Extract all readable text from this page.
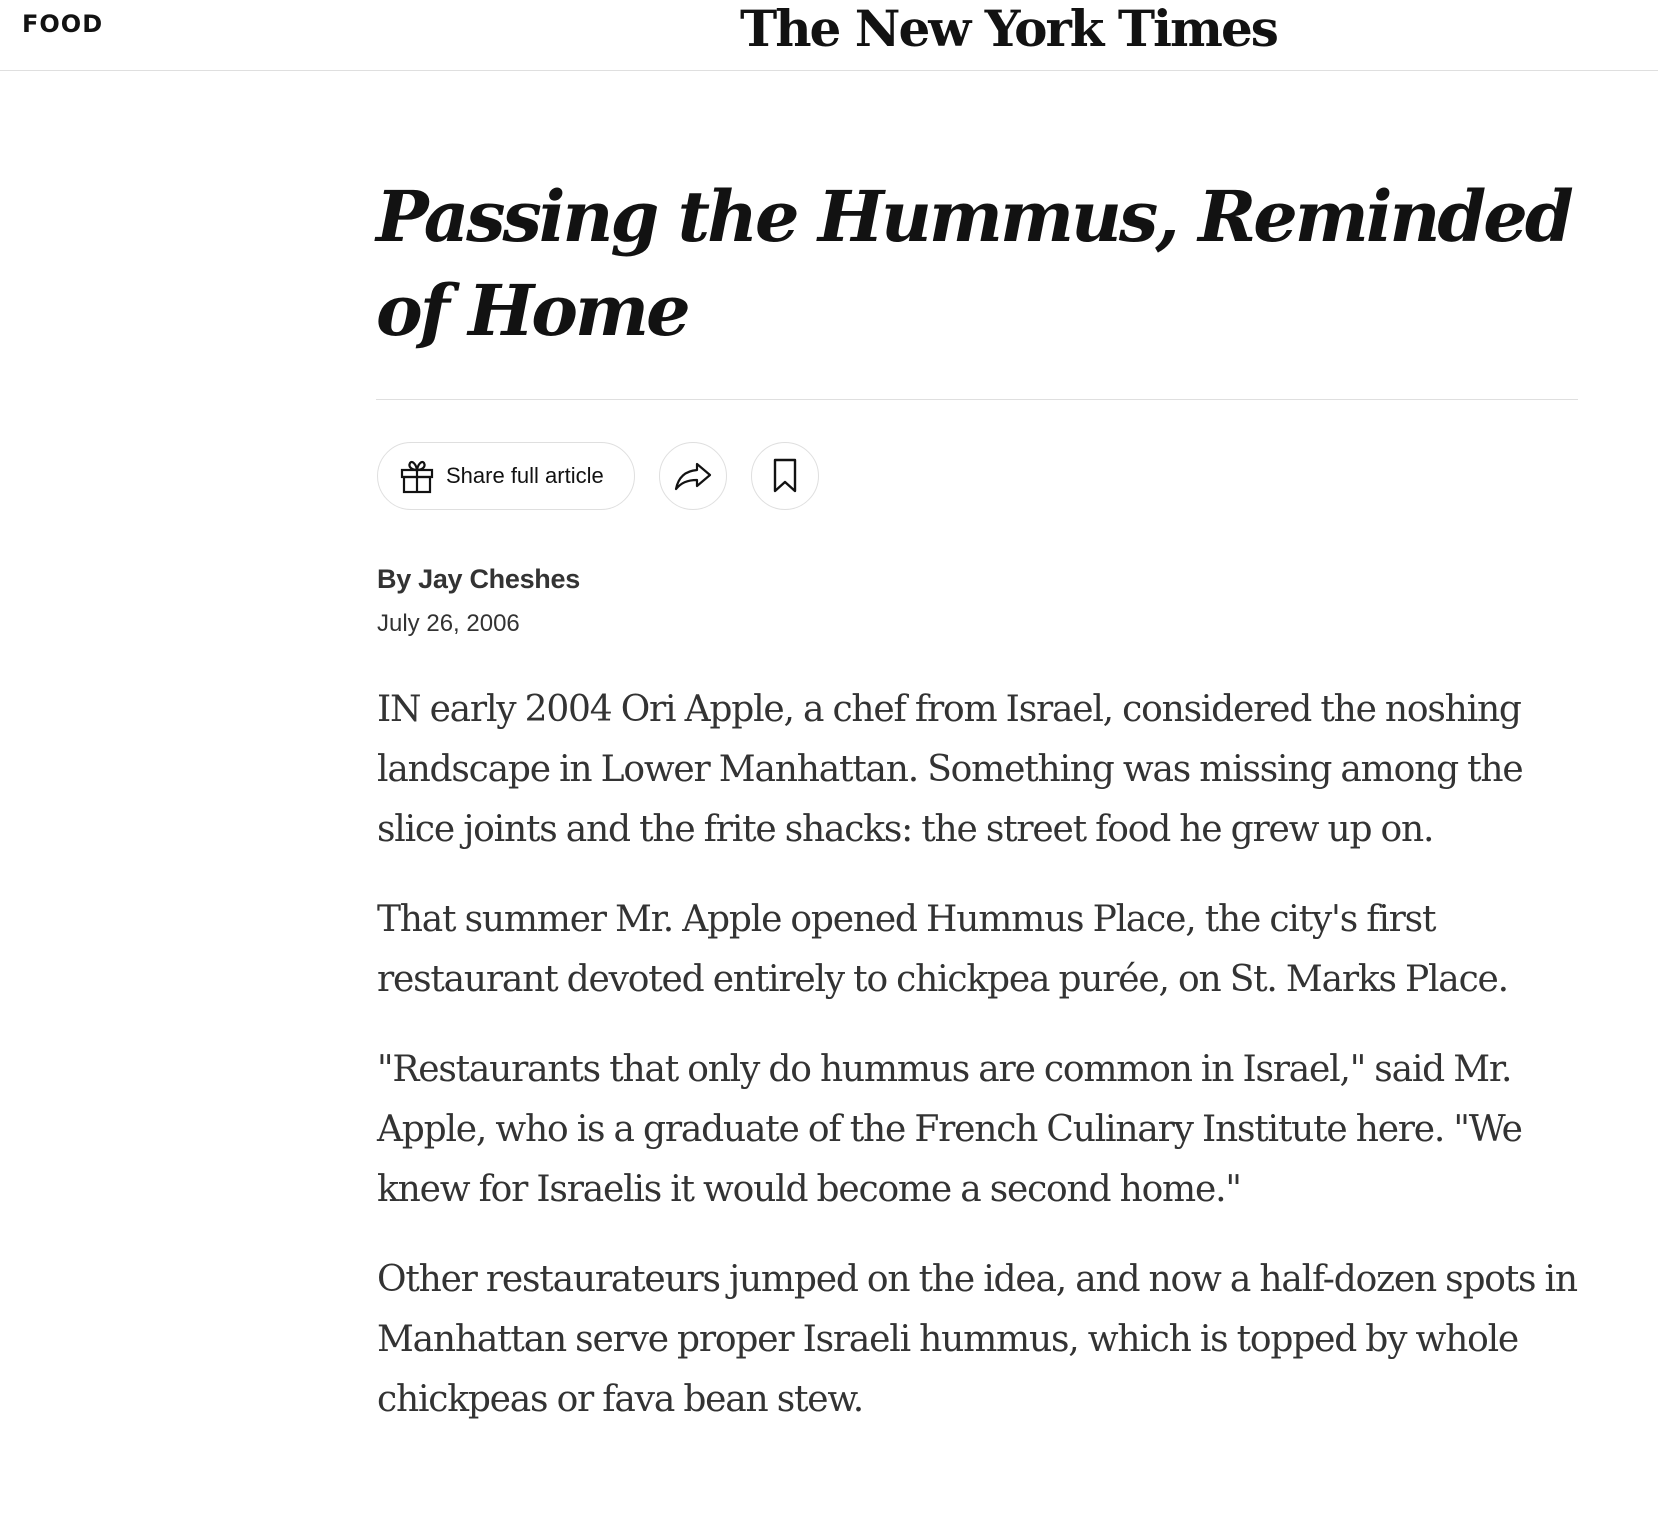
FOOD	The New York Times
Passing the Hummus, Reminded of Home
Share full article
By Jay Cheshes
July 26, 2006

IN early 2004 Ori Apple, a chef from Israel, considered the noshing landscape in Lower Manhattan. Something was missing among the slice joints and the frite shacks: the street food he grew up on.

That summer Mr. Apple opened Hummus Place, the city's first restaurant devoted entirely to chickpea purée, on St. Marks Place.

"Restaurants that only do hummus are common in Israel," said Mr. Apple, who is a graduate of the French Culinary Institute here. "We knew for Israelis it would become a second home."

Other restaurateurs jumped on the idea, and now a half-dozen spots in Manhattan serve proper Israeli hummus, which is topped by whole chickpeas or fava bean stew.
